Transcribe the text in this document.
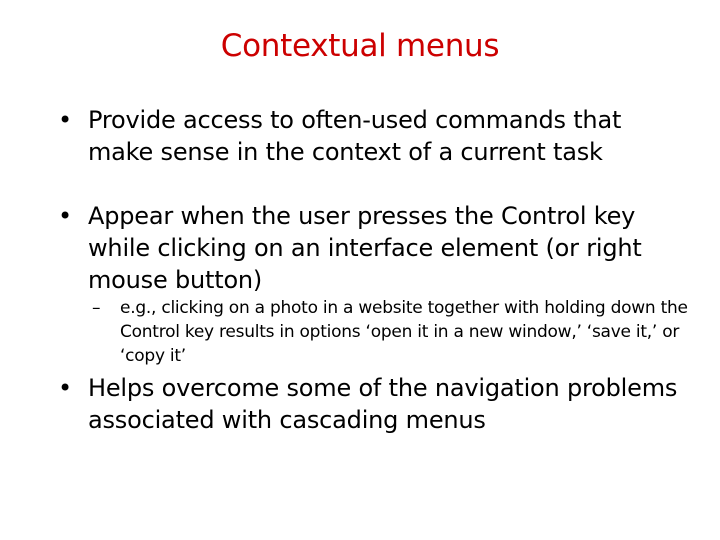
Contextual menus
• Provide access to often-used commands that make sense in the context of a current task
• Appear when the user presses the Control key while clicking on an interface element (or right mouse button)
–	e.g., clicking on a photo in a website together with holding down the Control key results in options ‘open it in a new window,’ ‘save it,’ or ‘copy it’
• Helps overcome some of the navigation problems associated with cascading menus
